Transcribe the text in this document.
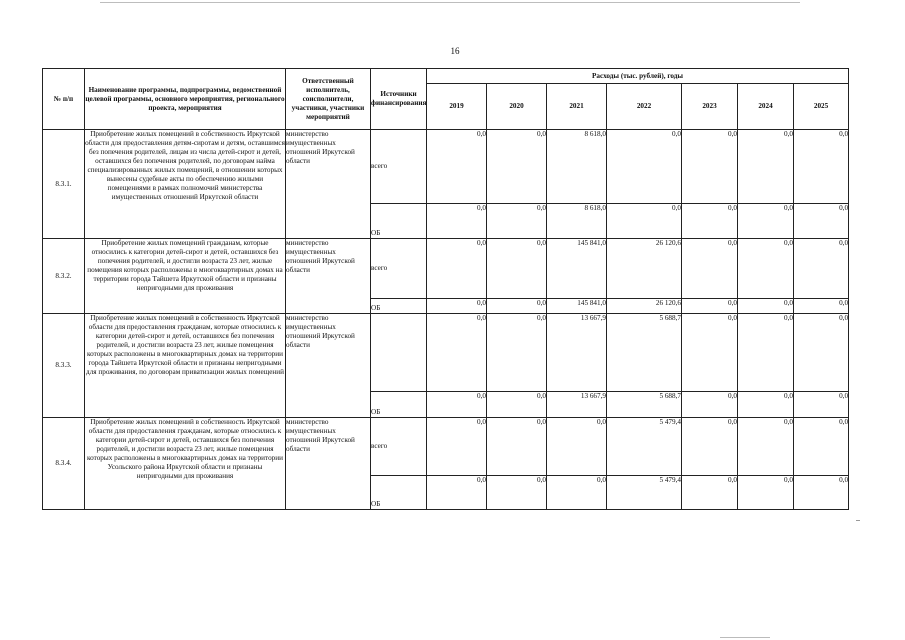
16
№ п/п	Наименование программы, подпрограммы, ведомственной целевой программы, основного мероприятия, регионального проекта, мероприятия	Ответственный исполнитель, соисполнители, участники, участники мероприятий	Источники финансирования	Расходы (тыс. рублей), годы						
				2019	2020	2021	2022	2023	2024	2025
8.3.1.	Приобретение жилых помещений в собственность Иркутской области для предоставления детям-сиротам и детям, оставшимся без попечения родителей, лицам из числа детей-сирот и детей, оставшихся без попечения родителей, по договорам найма специализированных жилых помещений, в отношении которых вынесены судебные акты по обеспечению жилыми помещениями в рамках полномочий министерства имущественных отношений Иркутской области	министерство имущественных отношений Иркутской области	всего	0,0	0,0	8 618,0	0,0	0,0	0,0	0,0
			ОБ	0,0	0,0	8 618,0	0,0	0,0	0,0	0,0
8.3.2.	Приобретение жилых помещений гражданам, которые относились к категории детей-сирот и детей, оставшихся без попечения родителей, и достигли возраста 23 лет, жилые помещения которых расположены в многоквартирных домах на территории города Тайшета Иркутской области и признаны непригодными для проживания	министерство имущественных отношений Иркутской области	всего	0,0	0,0	145 841,0	26 120,6	0,0	0,0	0,0
			ОБ	0,0	0,0	145 841,0	26 120,6	0,0	0,0	0,0
8.3.3.	Приобретение жилых помещений в собственность Иркутской области для предоставления гражданам, которые относились к категории детей-сирот и детей, оставшихся без попечения родителей, и достигли возраста 23 лет, жилые помещения которых расположены в многоквартирных домах на территории города Тайшета Иркутской области и признаны непригодными для проживания, по договорам приватизации жилых помещений	министерство имущественных отношений Иркутской области		0,0	0,0	13 667,9	5 688,7	0,0	0,0	0,0
			ОБ	0,0	0,0	13 667,9	5 688,7	0,0	0,0	0,0
8.3.4.	Приобретение жилых помещений в собственность Иркутской области для предоставления гражданам, которые относились к категории детей-сирот и детей, оставшихся без попечения родителей, и достигли возраста 23 лет, жилые помещения которых расположены в многоквартирных домах на территории Усольского района Иркутской области и признаны непригодными для проживания	министерство имущественных отношений Иркутской области	всего	0,0	0,0	0,0	5 479,4	0,0	0,0	0,0
			ОБ	0,0	0,0	0,0	5 479,4	0,0	0,0	0,0
